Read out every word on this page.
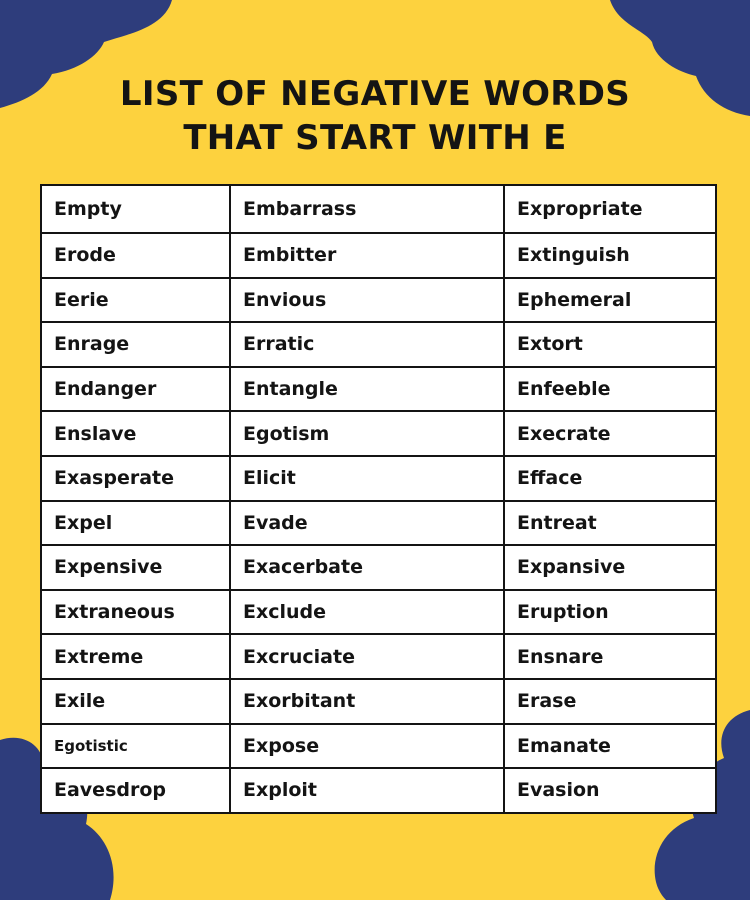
LIST OF NEGATIVE WORDS
THAT START WITH E
Empty	Embarrass	Expropriate
Erode	Embitter	Extinguish
Eerie	Envious	Ephemeral
Enrage	Erratic	Extort
Endanger	Entangle	Enfeeble
Enslave	Egotism	Execrate
Exasperate	Elicit	Efface
Expel	Evade	Entreat
Expensive	Exacerbate	Expansive
Extraneous	Exclude	Eruption
Extreme	Excruciate	Ensnare
Exile	Exorbitant	Erase
Egotistic	Expose	Emanate
Eavesdrop	Exploit	Evasion
